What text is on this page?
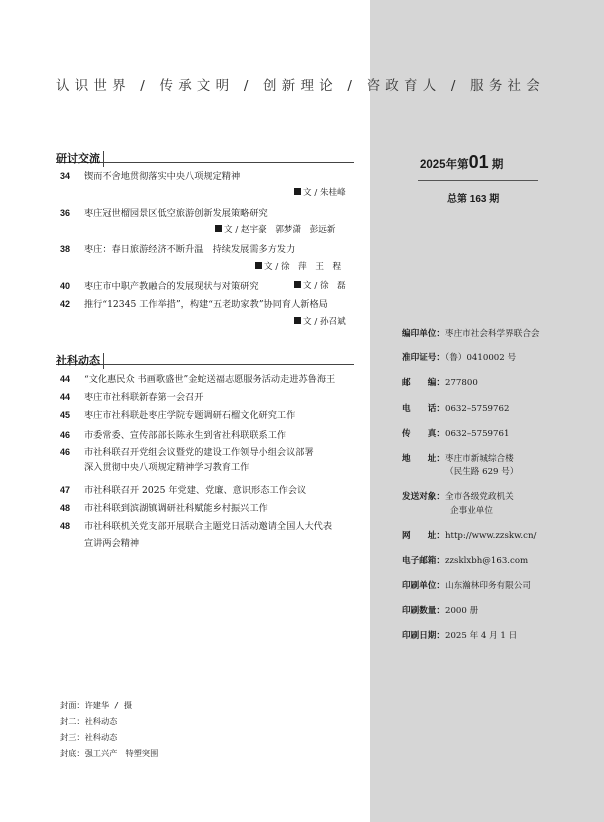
认识世界 / 传承文明 / 创新理论 / 咨政育人 / 服务社会
研讨交流
34 锲而不舍地贯彻落实中央八项规定精神
文 / 朱桂峰
36 枣庄冠世榴园景区低空旅游创新发展策略研究
文 / 赵宇豪　郭梦潇　彭远新
38 枣庄：春日旅游经济不断升温　持续发展需多方发力
文 / 徐　萍　王　程
40 枣庄市中职产教融合的发展现状与对策研究	文 / 徐　磊
42 推行“12345 工作举措”，构建“五老助家教”协同育人新格局
文 / 孙召斌
社科动态
44 “文化惠民众 书画歌盛世”金蛇送福志愿服务活动走进苏鲁海王
44 枣庄市社科联新春第一会召开
45 枣庄市社科联赴枣庄学院专题调研石榴文化研究工作
46 市委常委、宣传部部长陈永生到省社科联联系工作
46 市社科联召开党组会议暨党的建设工作领导小组会议部署
深入贯彻中央八项规定精神学习教育工作
47 市社科联召开 2025 年党建、党廉、意识形态工作会议
48 市社科联到滨湖镇调研社科赋能乡村振兴工作
48 市社科联机关党支部开展联合主题党日活动邀请全国人大代表
宣讲两会精神
2025年第01 期
总第 163 期
编印单位：枣庄市社会科学界联合会
准印证号：（鲁）0410002 号
邮　　编：277800
电　　话：0632–5759762
传　　真：0632–5759761
地　　址：枣庄市新城综合楼
（民生路 629 号）
发送对象：全市各级党政机关
企事业单位
网　　址：http://www.zzskw.cn/
电子邮箱：zzsklxbh@163.com
印刷单位：山东瀚林印务有限公司
印刷数量：2000 册
印刷日期：2025 年 4 月 1 日
封面：许建华 / 摄
封二：社科动态
封三：社科动态
封底：强工兴产　特塑突围
